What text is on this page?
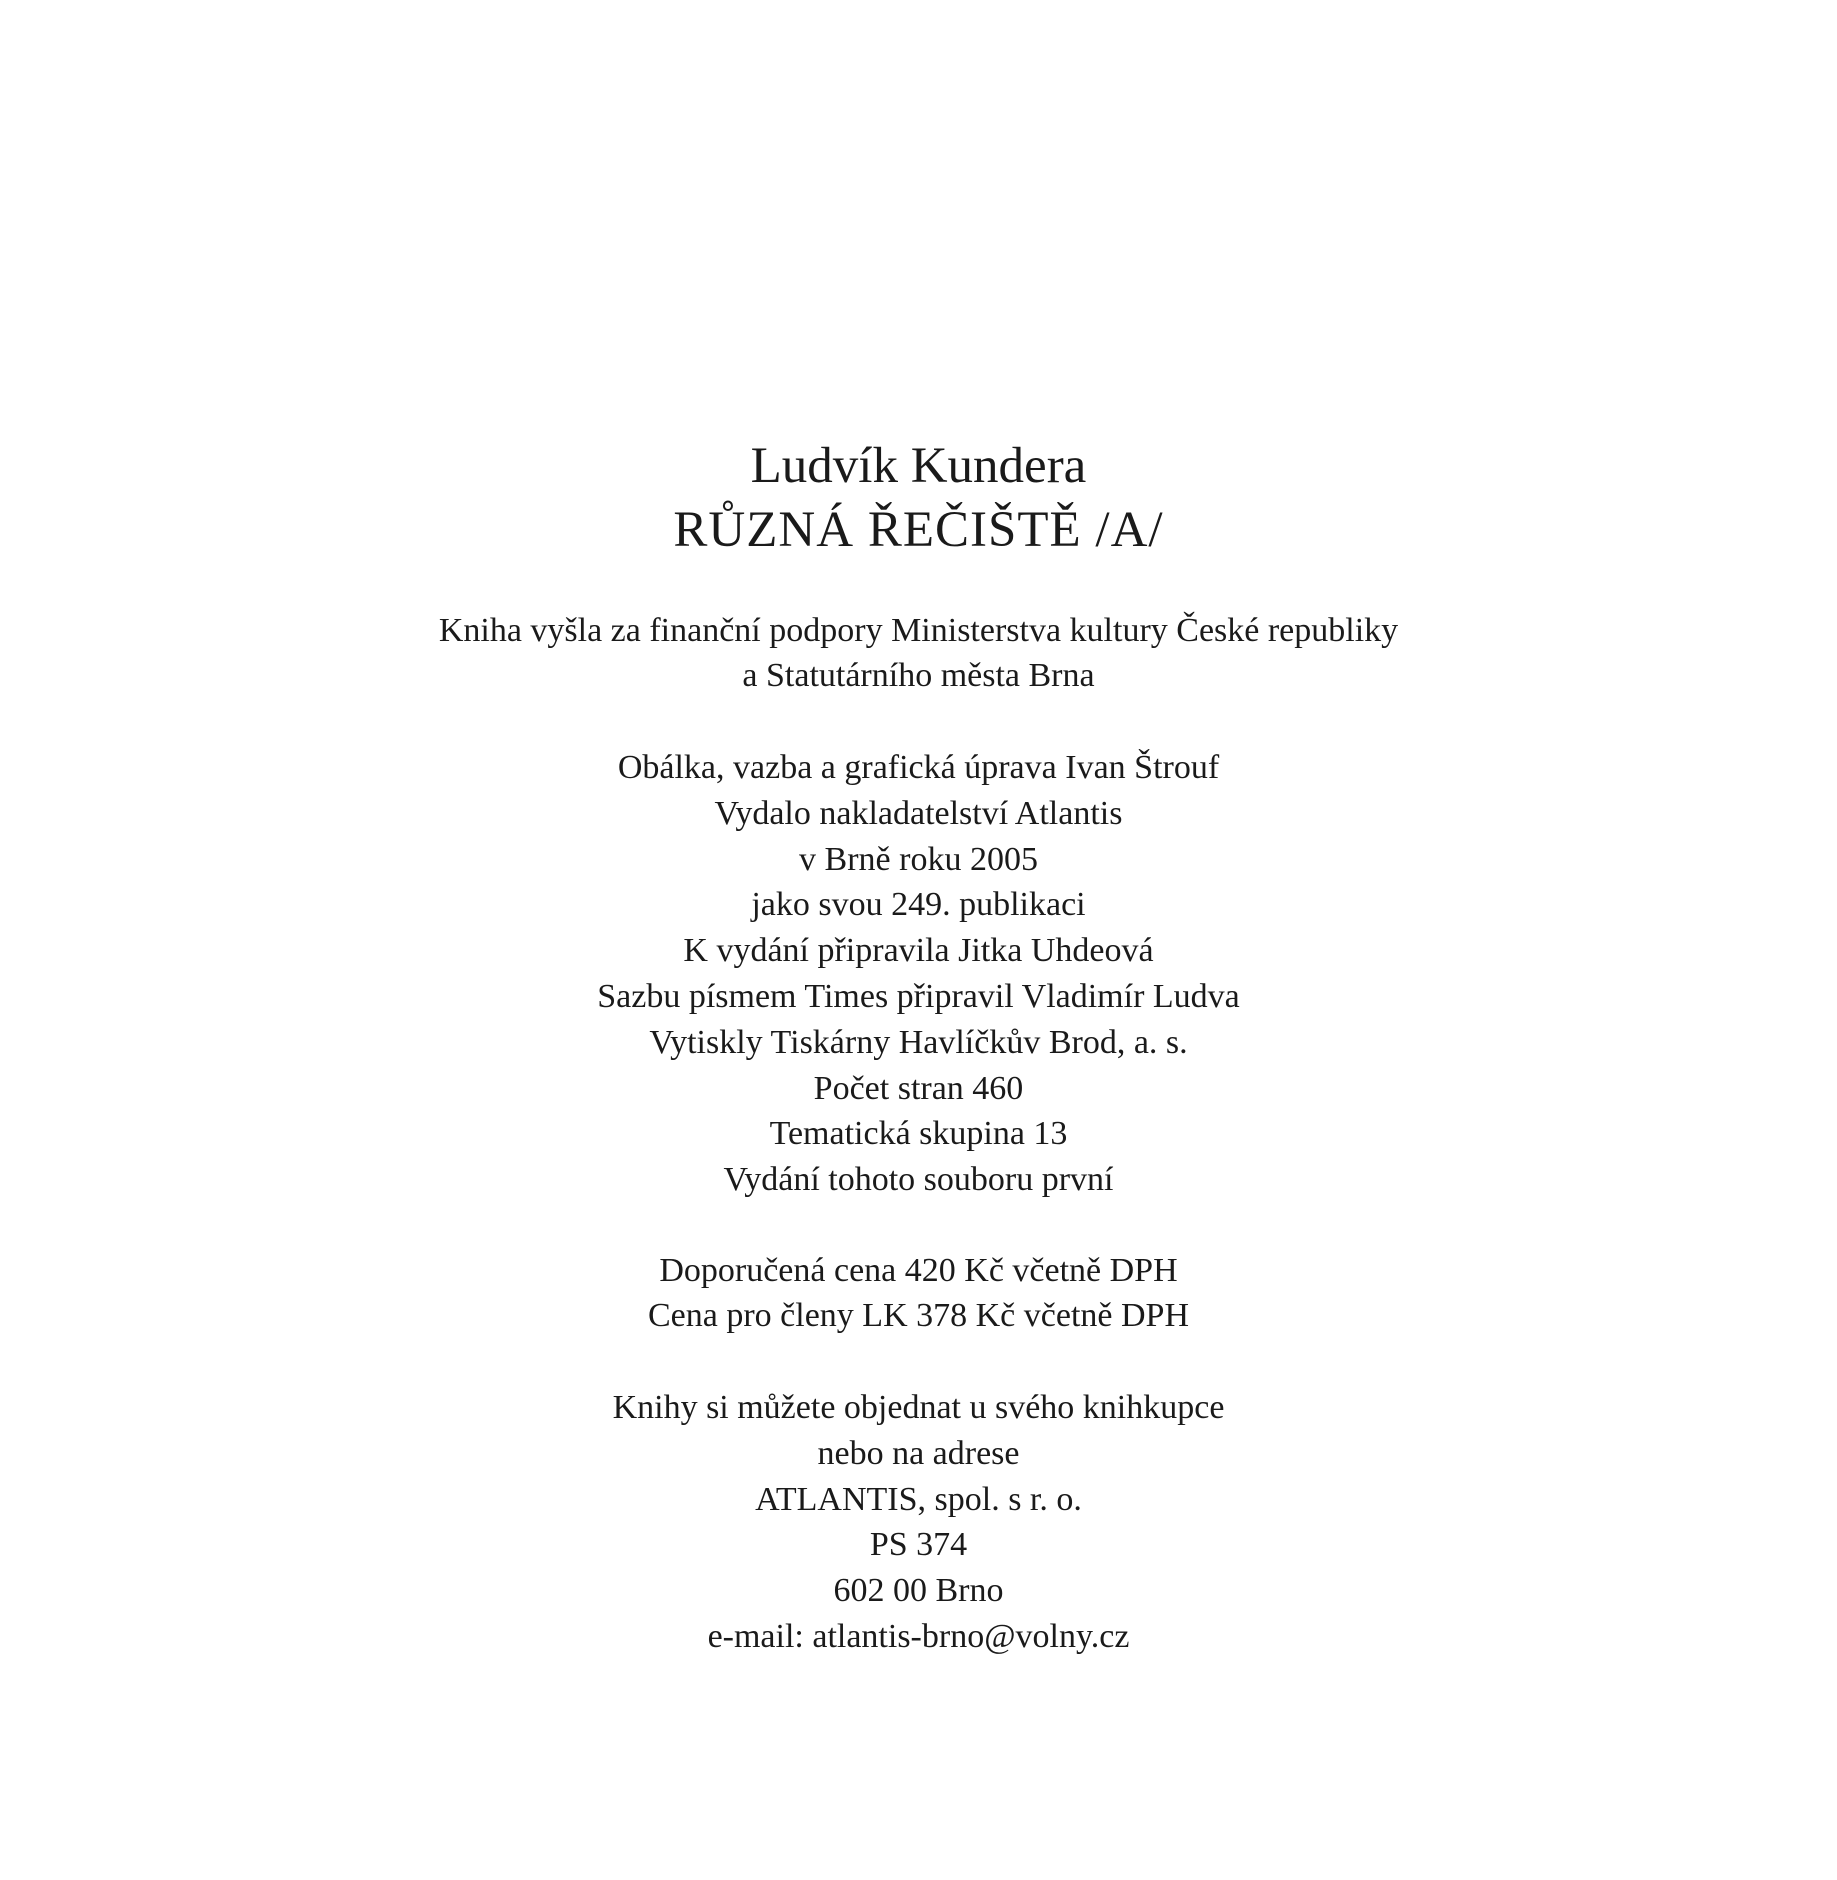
Ludvík Kundera
RŮZNÁ ŘEČIŠTĚ /A/
Kniha vyšla za finanční podpory Ministerstva kultury České republiky
a Statutárního města Brna
Obálka, vazba a grafická úprava Ivan Štrouf
Vydalo nakladatelství Atlantis
v Brně roku 2005
jako svou 249. publikaci
K vydání připravila Jitka Uhdeová
Sazbu písmem Times připravil Vladimír Ludva
Vytiskly Tiskárny Havlíčkův Brod, a. s.
Počet stran 460
Tematická skupina 13
Vydání tohoto souboru první
Doporučená cena 420 Kč včetně DPH
Cena pro členy LK 378 Kč včetně DPH
Knihy si můžete objednat u svého knihkupce
nebo na adrese
ATLANTIS, spol. s r. o.
PS 374
602 00 Brno
e-mail: atlantis-brno@volny.cz
